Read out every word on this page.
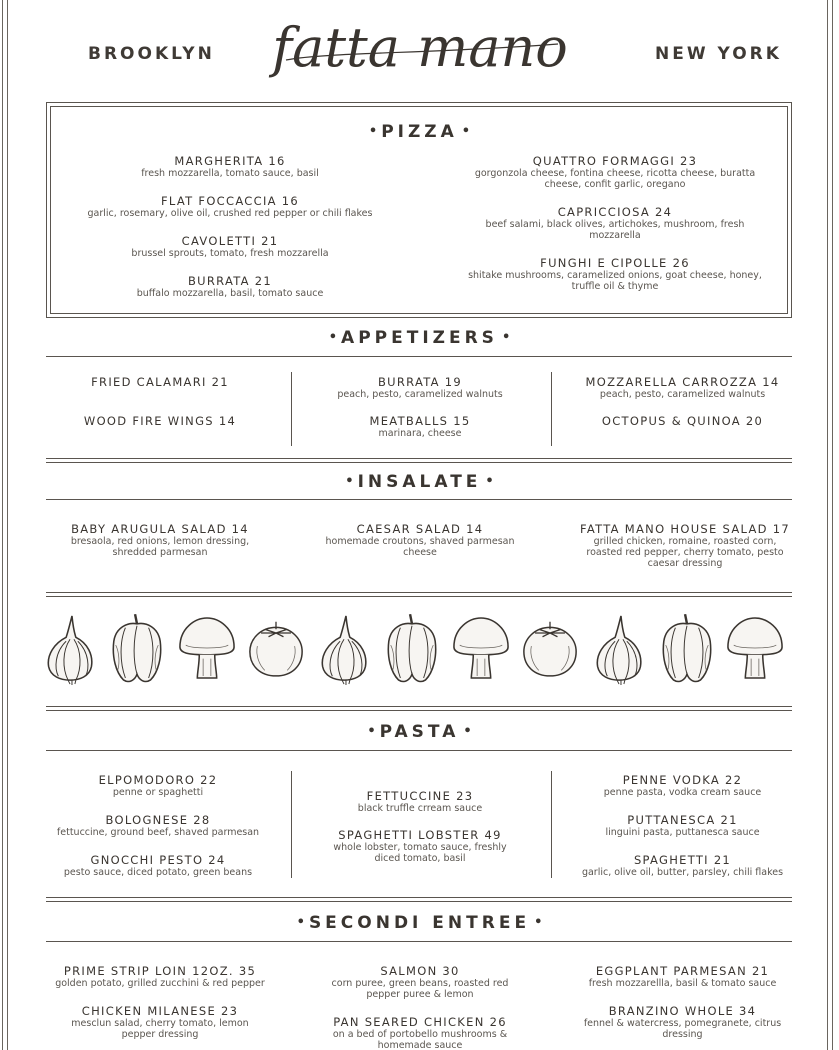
BROOKLYN fatta mano	NEW YORK
• PIZZA •
MARGHERITA 16
fresh mozzarella, tomato sauce, basil
FLAT FOCCACCIA 16
garlic, rosemary, olive oil, crushed red pepper or chili flakes
CAVOLETTI 21
brussel sprouts, tomato, fresh mozzarella
BURRATA 21
buffalo mozzarella, basil, tomato sauce
QUATTRO FORMAGGI 23
gorgonzola cheese, fontina cheese, ricotta cheese, buratta cheese, confit garlic, oregano
CAPRICCIOSA 24
beef salami, black olives, artichokes, mushroom, fresh mozzarella
FUNGHI E CIPOLLE 26
shitake mushrooms, caramelized onions, goat cheese, honey, truffle oil & thyme
• APPETIZERS •
FRIED CALAMARI 21
WOOD FIRE WINGS 14
BURRATA 19
peach, pesto, caramelized walnuts
MEATBALLS 15
marinara, cheese
MOZZARELLA CARROZZA 14
peach, pesto, caramelized walnuts
OCTOPUS & QUINOA 20
• INSALATE •
BABY ARUGULA SALAD 14
bresaola, red onions, lemon dressing, shredded parmesan
CAESAR SALAD 14
homemade croutons, shaved parmesan cheese
FATTA MANO HOUSE SALAD 17
grilled chicken, romaine, roasted corn, roasted red pepper, cherry tomato, pesto caesar dressing
• PASTA •
ELPOMODORO 22
penne or spaghetti
BOLOGNESE 28
fettuccine, ground beef, shaved parmesan
GNOCCHI PESTO 24
pesto sauce, diced potato, green beans
FETTUCCINE 23
black truffle crream sauce
SPAGHETTI LOBSTER 49
whole lobster, tomato sauce, freshly diced tomato, basil
PENNE VODKA 22
penne pasta, vodka cream sauce
PUTTANESCA 21
linguini pasta, puttanesca sauce
SPAGHETTI 21
garlic, olive oil, butter, parsley, chili flakes
• SECONDI ENTREE •
PRIME STRIP LOIN 12OZ. 35
golden potato, grilled zucchini & red pepper
CHICKEN MILANESE 23
mesclun salad, cherry tomato, lemon pepper dressing
SALMON 30
corn puree, green beans, roasted red pepper puree & lemon
PAN SEARED CHICKEN 26
on a bed of portobello mushrooms & homemade sauce
EGGPLANT PARMESAN 21
fresh mozzarellla, basil & tomato sauce
BRANZINO WHOLE 34
fennel & watercress, pomegranete, citrus dressing
